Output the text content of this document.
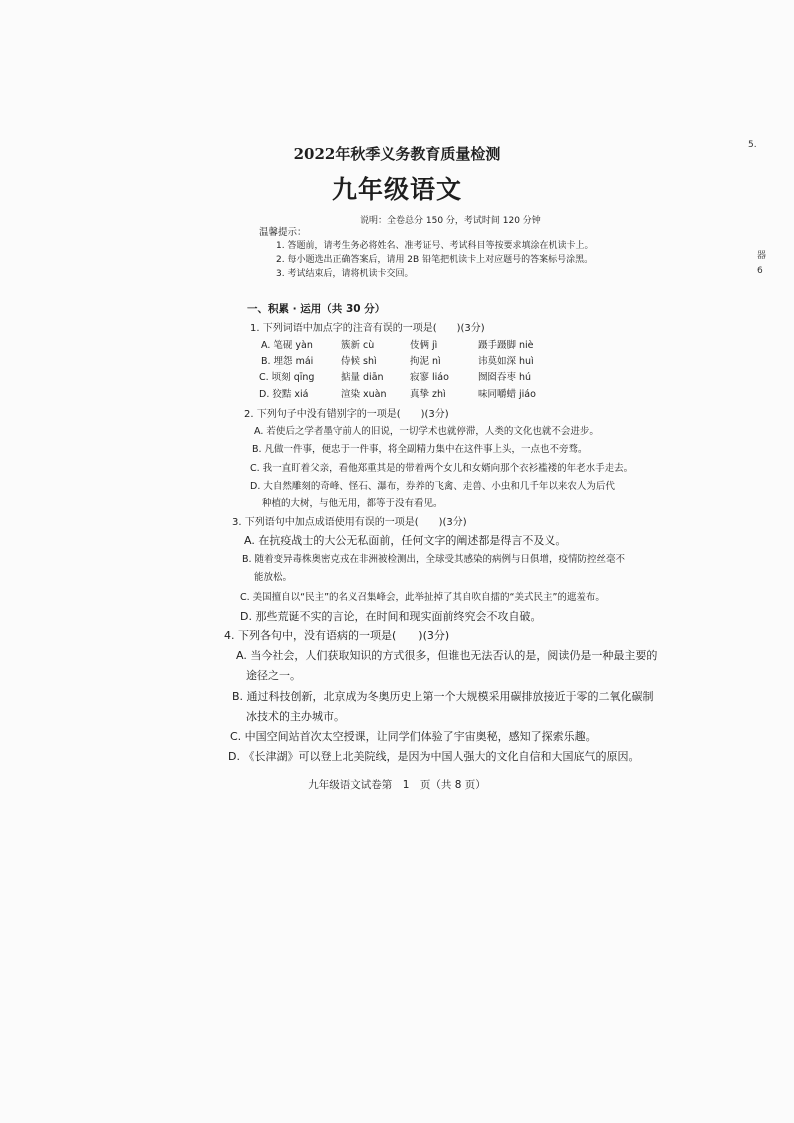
5.
器
6
2022年秋季义务教育质量检测
九年级语文
说明：全卷总分 150 分，考试时间 120 分钟
温馨提示：
1. 答题前，请考生务必将姓名、准考证号、考试科目等按要求填涂在机读卡上。
2. 每小题选出正确答案后，请用 2B 铅笔把机读卡上对应题号的答案标号涂黑。
3. 考试结束后，请将机读卡交回。
一、积累 · 运用（共 30 分）
1. 下列词语中加点字的注音有误的一项是(　　)(3分)
A. 笔砚 yàn	簇新 cù	伎俩 jì	蹑手蹑脚 niè
B. 埋怨 mái	侍候 shì	拘泥 nì	讳莫如深 huì
C. 顷刻 qīng	掂量 diān	寂寥 liáo	囫囵吞枣 hú
D. 狡黠 xiá	渲染 xuàn 真挚 zhì	味同嚼蜡 jiáo
2. 下列句子中没有错别字的一项是(　　)(3分)
A. 若使后之学者墨守前人的旧说，一切学术也就停滞，人类的文化也就不会进步。
B. 凡做一件事，便忠于一件事，将全副精力集中在这件事上头，一点也不旁骛。
C. 我一直盯着父亲，看他郑重其是的带着两个女儿和女婿向那个衣衫褴褛的年老水手走去。
D. 大自然雕刻的奇峰、怪石、瀑布，券养的飞禽、走兽、小虫和几千年以来农人为后代
种植的大树，与他无用，都等于没有看见。
3. 下列语句中加点成语使用有误的一项是(　　)(3分)
A. 在抗疫战士的大公无私面前，任何文字的阐述都是得言不及义。
B. 随着变异毒株奥密克戎在非洲被检测出，全球受其感染的病例与日俱增，疫情防控丝毫不
能放松。
C. 美国擅自以“民主”的名义召集峰会，此举扯掉了其自吹自擂的“美式民主”的遮羞布。
D. 那些荒诞不实的言论，在时间和现实面前终究会不攻自破。
4. 下列各句中，没有语病的一项是(　　)(3分)
A. 当今社会，人们获取知识的方式很多，但谁也无法否认的是，阅读仍是一种最主要的
途径之一。
B. 通过科技创新，北京成为冬奥历史上第一个大规模采用碳排放接近于零的二氧化碳制
冰技术的主办城市。
C. 中国空间站首次太空授课，让同学们体验了宇宙奥秘，感知了探索乐趣。
D. 《长津湖》可以登上北美院线，是因为中国人强大的文化自信和大国底气的原因。
九年级语文试卷第　1　页（共 8 页）
